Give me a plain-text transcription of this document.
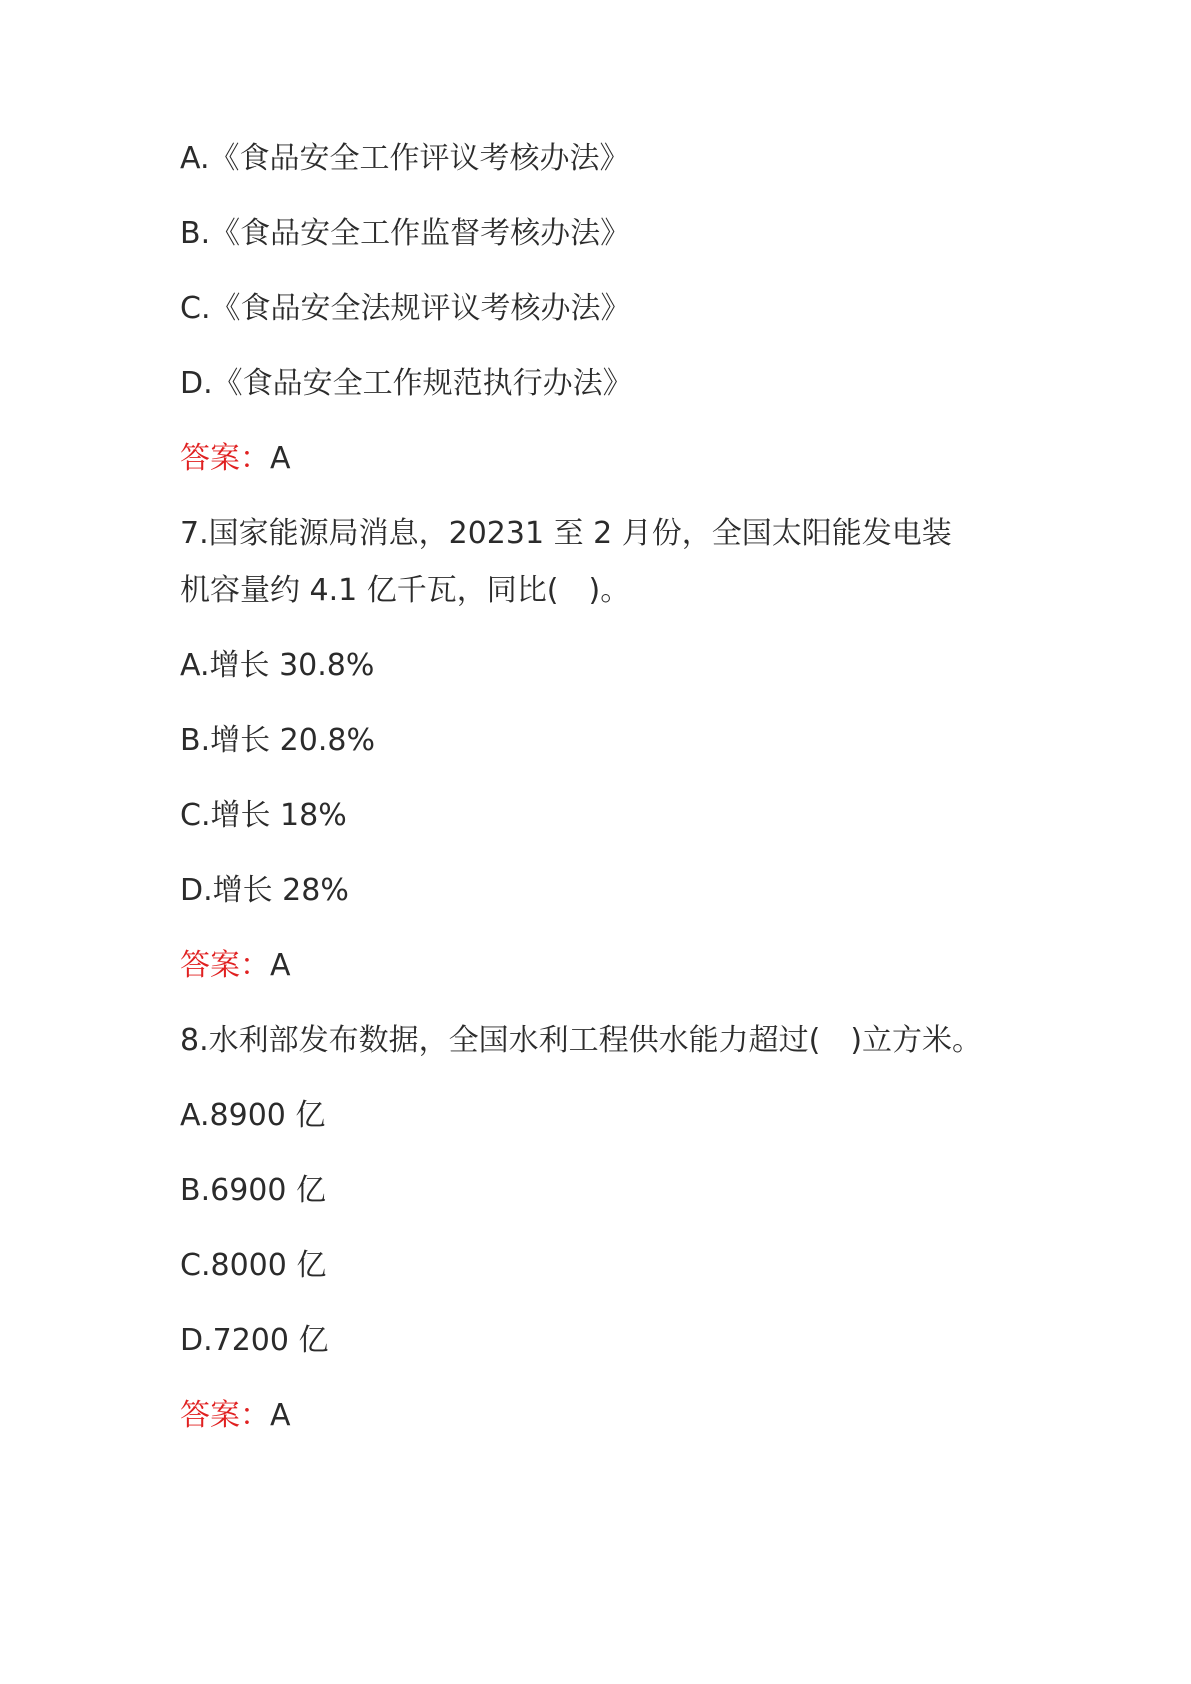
A.《食品安全工作评议考核办法》
B.《食品安全工作监督考核办法》
C.《食品安全法规评议考核办法》
D.《食品安全工作规范执行办法》
答案：A
7.国家能源局消息，20231 至 2 月份，全国太阳能发电装
机容量约 4.1 亿千瓦，同比(　)。
A.增长 30.8%
B.增长 20.8%
C.增长 18%
D.增长 28%
答案：A
8.水利部发布数据，全国水利工程供水能力超过(　)立方米。
A.8900 亿
B.6900 亿
C.8000 亿
D.7200 亿
答案：A
